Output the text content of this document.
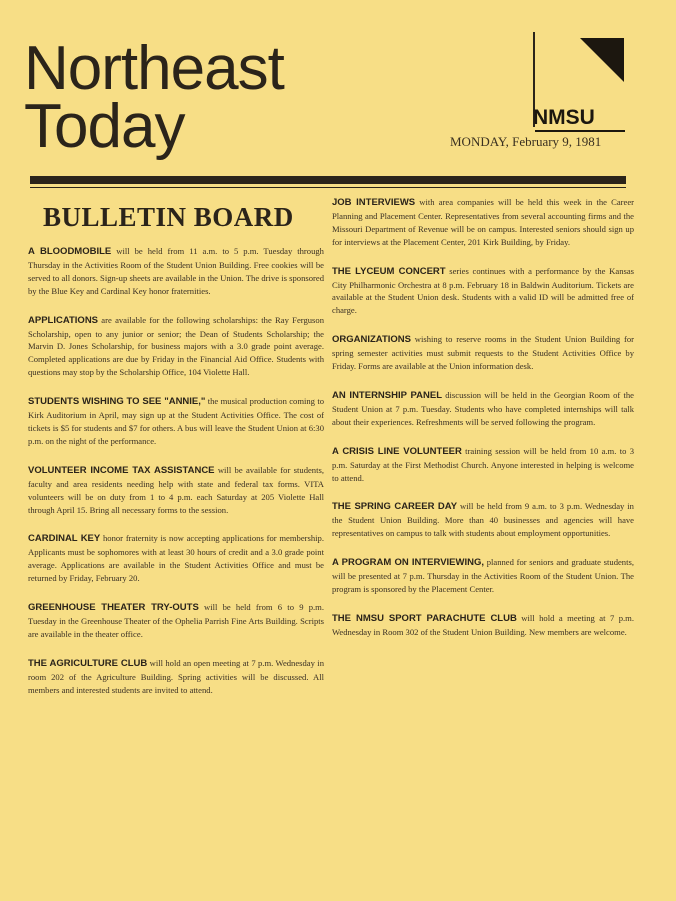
Northeast
Today	NMSU
MONDAY, February 9, 1981
BULLETIN BOARD

A BLOODMOBILE will be held from 11 a.m. to 5 p.m. Tuesday through Thursday in the Activities Room of the Student Union Building. Free cookies will be served to all donors. Sign-up sheets are available in the Union. The drive is sponsored by the Blue Key and Cardinal Key honor fraternities.

APPLICATIONS are available for the following scholarships: the Ray Ferguson Scholarship, open to any junior or senior; the Dean of Students Scholarship; the Marvin D. Jones Scholarship, for business majors with a 3.0 grade point average. Completed applications are due by Friday in the Financial Aid Office. Students with questions may stop by the Scholarship Office, 104 Violette Hall.

STUDENTS WISHING TO SEE "ANNIE," the musical production coming to Kirk Auditorium in April, may sign up at the Student Activities Office. The cost of tickets is $5 for students and $7 for others. A bus will leave the Student Union at 6:30 p.m. on the night of the performance.

VOLUNTEER INCOME TAX ASSISTANCE will be available for students, faculty and area residents needing help with state and federal tax forms. VITA volunteers will be on duty from 1 to 4 p.m. each Saturday at 205 Violette Hall through April 15. Bring all necessary forms to the session.

CARDINAL KEY honor fraternity is now accepting applications for membership. Applicants must be sophomores with at least 30 hours of credit and a 3.0 grade point average. Applications are available in the Student Activities Office and must be returned by Friday, February 20.

GREENHOUSE THEATER TRY-OUTS will be held from 6 to 9 p.m. Tuesday in the Greenhouse Theater of the Ophelia Parrish Fine Arts Building. Scripts are available in the theater office.

THE AGRICULTURE CLUB will hold an open meeting at 7 p.m. Wednesday in room 202 of the Agriculture Building. Spring activities will be discussed. All members and interested students are invited to attend.

JOB INTERVIEWS with area companies will be held this week in the Career Planning and Placement Center. Representatives from several accounting firms and the Missouri Department of Revenue will be on campus. Interested seniors should sign up for interviews at the Placement Center, 201 Kirk Building, by Friday.

THE LYCEUM CONCERT series continues with a performance by the Kansas City Philharmonic Orchestra at 8 p.m. February 18 in Baldwin Auditorium. Tickets are available at the Student Union desk. Students with a valid ID will be admitted free of charge.

ORGANIZATIONS wishing to reserve rooms in the Student Union Building for spring semester activities must submit requests to the Student Activities Office by Friday. Forms are available at the Union information desk.

AN INTERNSHIP PANEL discussion will be held in the Georgian Room of the Student Union at 7 p.m. Tuesday. Students who have completed internships will talk about their experiences. Refreshments will be served following the program.

A CRISIS LINE VOLUNTEER training session will be held from 10 a.m. to 3 p.m. Saturday at the First Methodist Church. Anyone interested in helping is welcome to attend.

THE SPRING CAREER DAY will be held from 9 a.m. to 3 p.m. Wednesday in the Student Union Building. More than 40 businesses and agencies will have representatives on campus to talk with students about employment opportunities.

A PROGRAM ON INTERVIEWING, planned for seniors and graduate students, will be presented at 7 p.m. Thursday in the Activities Room of the Student Union. The program is sponsored by the Placement Center.

THE NMSU SPORT PARACHUTE CLUB will hold a meeting at 7 p.m. Wednesday in Room 302 of the Student Union Building. New members are welcome.
